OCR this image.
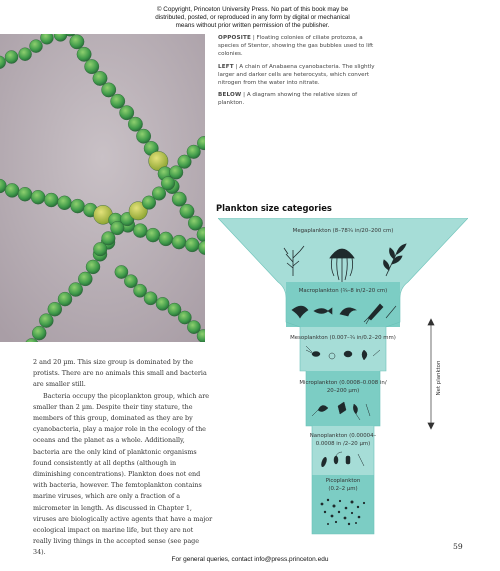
© Copyright, Princeton University Press. No part of this book may be
distributed, posted, or reproduced in any form by digital or mechanical
means without prior written permission of the publisher.

OPPOSITE | Floating colonies of ciliate protozoa, a species of Stentor, showing the gas bubbles used to lift colonies.

LEFT | A chain of Anabaena cyanobacteria. The slightly larger and darker cells are heterocysts, which convert nitrogen from the water into nitrate.

BELOW | A diagram showing the relative sizes of plankton.

Plankton size categories

2 and 20 µm. This size group is dominated by the protists. There are no animals this small and bacteria are smaller still.

Bacteria occupy the picoplankton group, which are smaller than 2 µm. Despite their tiny stature, the members of this group, dominated as they are by cyanobacteria, play a major role in the ecology of the oceans and the planet as a whole. Additionally, bacteria are the only kind of planktonic organisms found consistently at all depths (although in diminishing concentrations). Plankton does not end with bacteria, however. The femtoplankton contains marine viruses, which are only a fraction of a micrometer in length. As discussed in Chapter 1, viruses are biologically active agents that have a major ecological impact on marine life, but they are not really living things in the accepted sense (see page 34).

Megaplankton (8–78¾ in/20–200 cm)
Macroplankton (¾–8 in/2–20 cm)
Mesoplankton (0.007–¾ in/0.2–20 mm)
Microplankton (0.0008–0.008 in/
20–200 µm)
Nanoplankton (0.00004–
0.0008 in /2–20 µm)
Picoplankton
(0.2–2 µm)
Net plankton
59
For general queries, contact info@press.princeton.edu
